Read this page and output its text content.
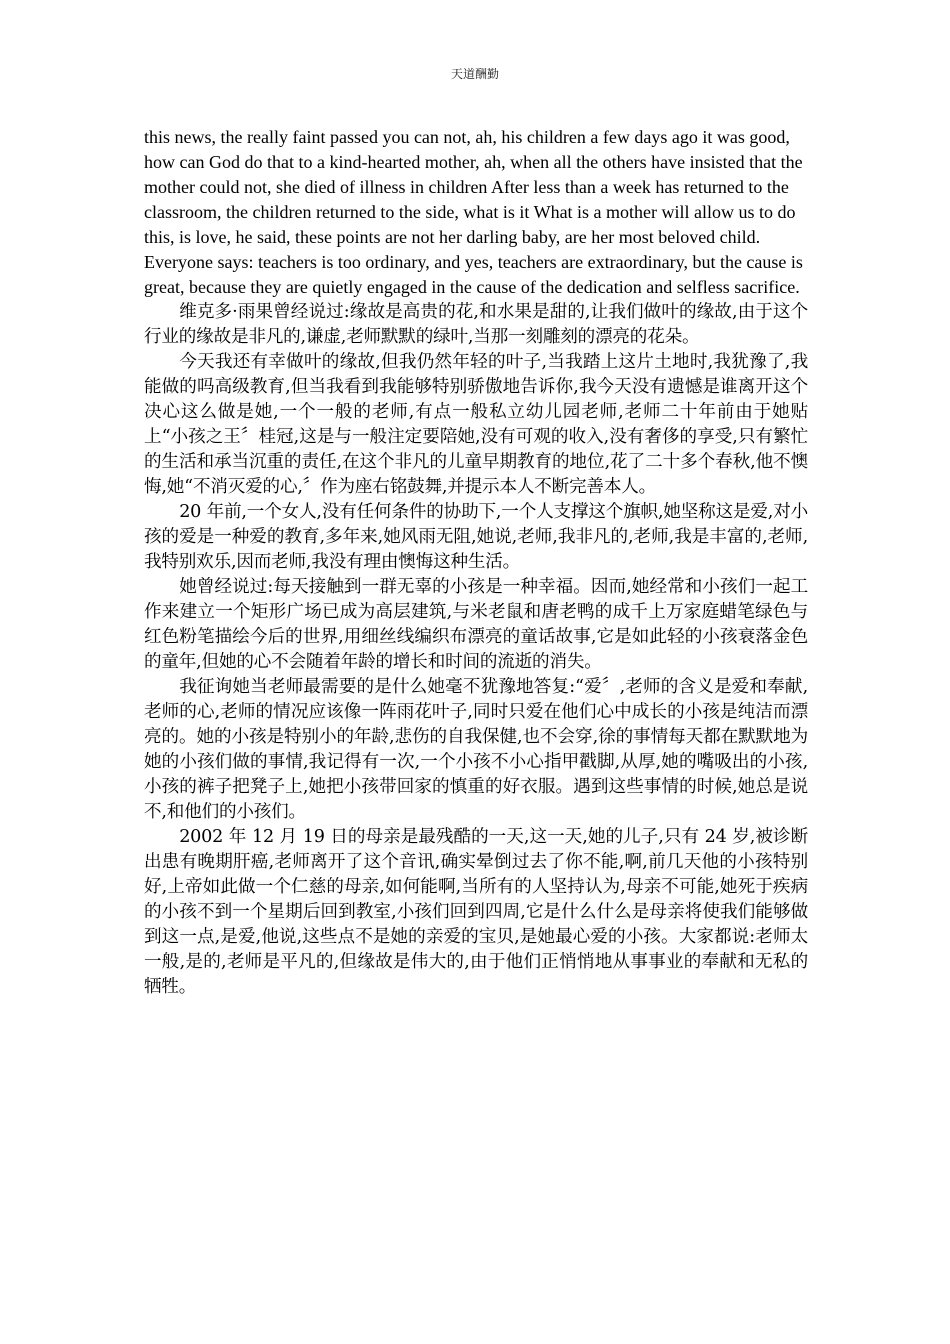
天道酬勤

this news, the really faint passed you can not, ah, his children a few days ago it was good, how can God do that to a kind-hearted mother, ah, when all the others have insisted that the mother could not, she died of illness in children After less than a week has returned to the classroom, the children returned to the side, what is it What is a mother will allow us to do this, is love, he said, these points are not her darling baby, are her most beloved child. Everyone says: teachers is too ordinary, and yes, teachers are extraordinary, but the cause is great, because they are quietly engaged in the cause of the dedication and selfless sacrifice.

维克多·雨果曾经说过:缘故是高贵的花,和水果是甜的,让我们做叶的缘故,由于这个行业的缘故是非凡的,谦虚,老师默默的绿叶,当那一刻雕刻的漂亮的花朵。

今天我还有幸做叶的缘故,但我仍然年轻的叶子,当我踏上这片土地时,我犹豫了,我能做的吗高级教育,但当我看到我能够特别骄傲地告诉你,我今天没有遗憾是谁离开这个决心这么做是她,一个一般的老师,有点一般私立幼儿园老师,老师二十年前由于她贴上“小孩之王〞桂冠,这是与一般注定要陪她,没有可观的收入,没有奢侈的享受,只有繁忙的生活和承当沉重的责任,在这个非凡的儿童早期教育的地位,花了二十多个春秋,他不懊悔,她“不消灭爱的心,〞作为座右铭鼓舞,并提示本人不断完善本人。

20 年前,一个女人,没有任何条件的协助下,一个人支撑这个旗帜,她坚称这是爱,对小孩的爱是一种爱的教育,多年来,她风雨无阻,她说,老师,我非凡的,老师,我是丰富的,老师,我特别欢乐,因而老师,我没有理由懊悔这种生活。

她曾经说过:每天接触到一群无辜的小孩是一种幸福。因而,她经常和小孩们一起工作来建立一个矩形广场已成为高层建筑,与米老鼠和唐老鸭的成千上万家庭蜡笔绿色与红色粉笔描绘今后的世界,用细丝线编织布漂亮的童话故事,它是如此轻的小孩衰落金色的童年,但她的心不会随着年龄的增长和时间的流逝的消失。

我征询她当老师最需要的是什么她毫不犹豫地答复:“爱〞,老师的含义是爱和奉献,老师的心,老师的情况应该像一阵雨花叶子,同时只爱在他们心中成长的小孩是纯洁而漂亮的。她的小孩是特别小的年龄,悲伤的自我保健,也不会穿,徐的事情每天都在默默地为她的小孩们做的事情,我记得有一次,一个小孩不小心指甲戳脚,从厚,她的嘴吸出的小孩,小孩的裤子把凳子上,她把小孩带回家的慎重的好衣服。遇到这些事情的时候,她总是说不,和他们的小孩们。

2002 年 12 月 19 日的母亲是最残酷的一天,这一天,她的儿子,只有 24 岁,被诊断出患有晚期肝癌,老师离开了这个音讯,确实晕倒过去了你不能,啊,前几天他的小孩特别好,上帝如此做一个仁慈的母亲,如何能啊,当所有的人坚持认为,母亲不可能,她死于疾病的小孩不到一个星期后回到教室,小孩们回到四周,它是什么什么是母亲将使我们能够做到这一点,是爱,他说,这些点不是她的亲爱的宝贝,是她最心爱的小孩。大家都说:老师太一般,是的,老师是平凡的,但缘故是伟大的,由于他们正悄悄地从事事业的奉献和无私的牺牲。
